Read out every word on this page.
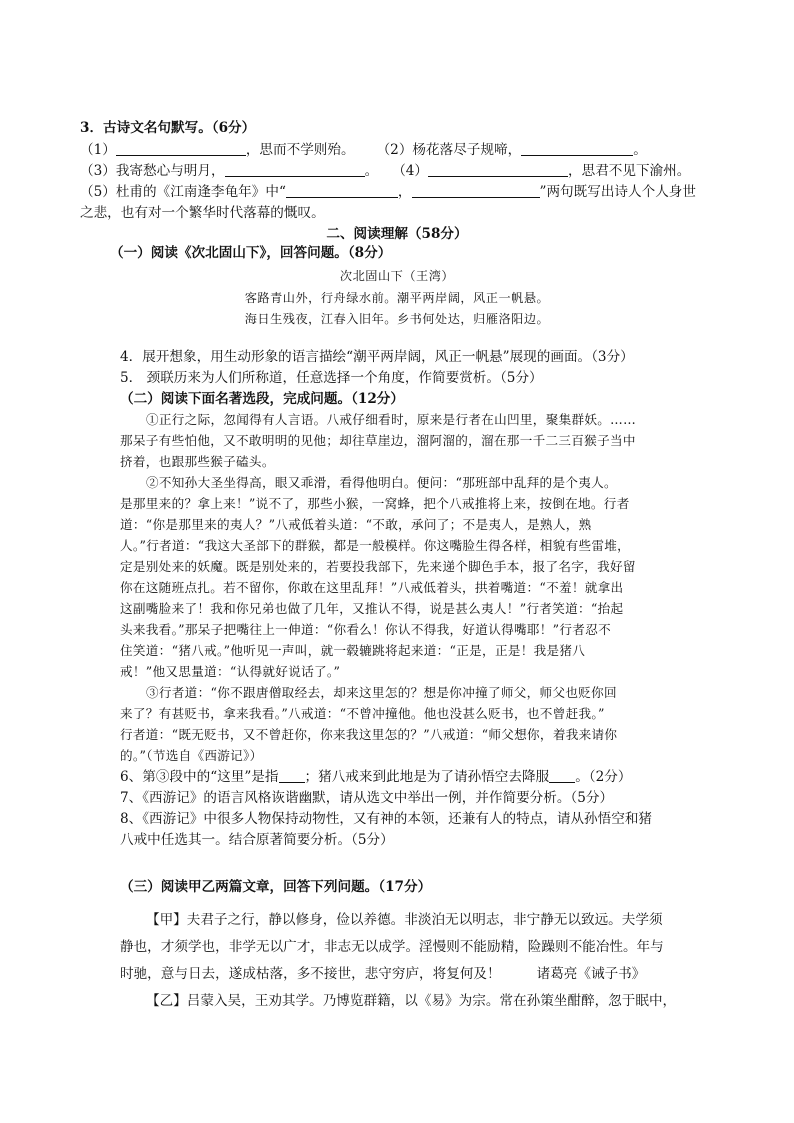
3．古诗文名句默写。（6分）
（1）	，思而不学则殆。 （2）杨花落尽子规啼，	。
（3）我寄愁心与明月，	。 （4）	，思君不见下渝州。
（5）杜甫的《江南逢李龟年》中“	，	”两句既写出诗人个人身世
之悲，也有对一个繁华时代落幕的慨叹。
二、阅读理解（58分）
（一）阅读《次北固山下》，回答问题。（8分）
次北固山下（王湾）
客路青山外，行舟绿水前。潮平两岸阔，风正一帆悬。
海日生残夜，江春入旧年。乡书何处达，归雁洛阳边。
4．展开想象，用生动形象的语言描绘“潮平两岸阔，风正一帆悬”展现的画面。（3分）
5． 颈联历来为人们所称道，任意选择一个角度，作简要赏析。（5分）
（二）阅读下面名著选段，完成问题。（12分）
①正行之际，忽闻得有人言语。八戒仔细看时，原来是行者在山凹里，聚集群妖。……
那呆子有些怕他，又不敢明明的见他；却往草崖边，溜阿溜的，溜在那一千二三百猴子当中
挤着，也跟那些猴子磕头。
②不知孙大圣坐得高，眼又乖滑，看得他明白。便问：“那班部中乱拜的是个夷人。
是那里来的？拿上来！”说不了，那些小猴，一窝蜂，把个八戒推将上来，按倒在地。行者
道：“你是那里来的夷人？”八戒低着头道：“不敢，承问了；不是夷人，是熟人，熟
人。”行者道：“我这大圣部下的群猴，都是一般模样。你这嘴脸生得各样，相貌有些雷堆，
定是别处来的妖魔。既是别处来的，若要投我部下，先来递个脚色手本，报了名字，我好留
你在这随班点扎。若不留你，你敢在这里乱拜！”八戒低着头，拱着嘴道：“不羞！就拿出
这副嘴脸来了！我和你兄弟也做了几年，又推认不得，说是甚么夷人！”行者笑道：“抬起
头来我看。”那呆子把嘴往上一伸道：“你看么！你认不得我，好道认得嘴耶！”行者忍不
住笑道：“猪八戒。”他听见一声叫，就一毂辘跳将起来道：“正是，正是！我是猪八
戒！”他又思量道：“认得就好说话了。”
③行者道：“你不跟唐僧取经去，却来这里怎的？想是你冲撞了师父，师父也贬你回
来了？有甚贬书，拿来我看。”八戒道：“不曾冲撞他。他也没甚么贬书，也不曾赶我。”
行者道：“既无贬书，又不曾赶你，你来我这里怎的？”八戒道：“师父想你，着我来请你
的。”（节选自《西游记》）
6、第③段中的“这里”是指 ；猪八戒来到此地是为了请孙悟空去降服 。（2分）
7、《西游记》的语言风格诙谐幽默，请从选文中举出一例，并作简要分析。（5分）
8、《西游记》中很多人物保持动物性，又有神的本领，还兼有人的特点，请从孙悟空和猪
八戒中任选其一。结合原著简要分析。（5分）
（三）阅读甲乙两篇文章，回答下列问题。（17分）
【甲】夫君子之行，静以修身，俭以养德。非淡泊无以明志，非宁静无以致远。夫学须
静也，才须学也，非学无以广才，非志无以成学。淫慢则不能励精，险躁则不能冶性。年与
时驰，意与日去，遂成枯落，多不接世，悲守穷庐，将复何及！	诸葛亮《诫子书》
【乙】吕蒙入吴，王劝其学。乃博览群籍，以《易》为宗。常在孙策坐酣醉，忽于眠中，
